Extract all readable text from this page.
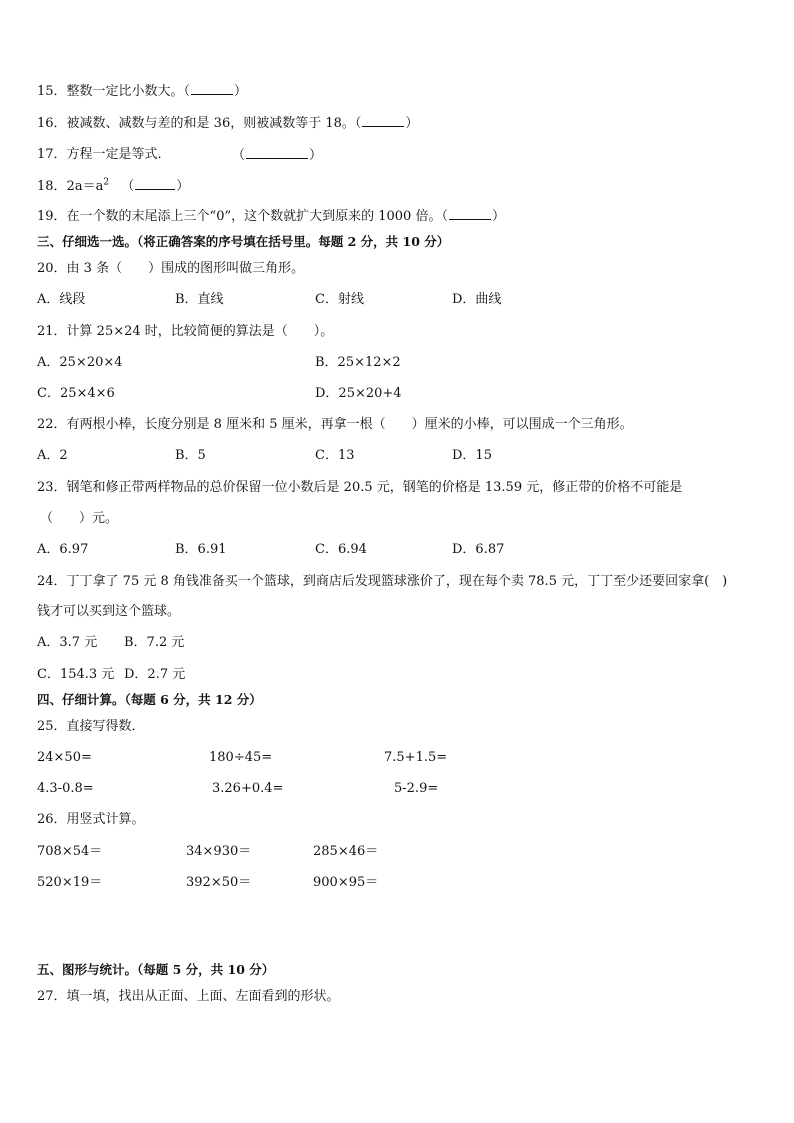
15．整数一定比小数大。（	）
16．被减数、减数与差的和是 36，则被减数等于 18。（	）
17．方程一定是等式．	（	）
18．$2a=a^2$ （	）
19．在一个数的末尾添上三个“0”，这个数就扩大到原来的 1000 倍。（	）
三、仔细选一选。（将正确答案的序号填在括号里。每题 2 分，共 10 分）
20．由 3 条（　　）围成的图形叫做三角形。
A．线段	B．直线	C．射线	D．曲线
21．计算 25×24 时，比较简便的算法是（　　）。
A．25×20×4	B．25×12×2
C．25×4×6	D．25×20+4
22．有两根小棒，长度分别是 8 厘米和 5 厘米，再拿一根（　　）厘米的小棒，可以围成一个三角形。
A．2	B．5	C．13	D．15
23．钢笔和修正带两样物品的总价保留一位小数后是 20.5 元，钢笔的价格是 13.59 元，修正带的价格不可能是
（　　）元。
A．6.97	B．6.91	C．6.94	D．6.87
24．丁丁拿了 75 元 8 角钱准备买一个篮球，到商店后发现篮球涨价了，现在每个卖 78.5 元，丁丁至少还要回家拿(　)
钱才可以买到这个篮球。
A．3.7 元 B．7.2 元
C．154.3 元 D．2.7 元
四、仔细计算。（每题 6 分，共 12 分）
25．直接写得数．
24×50=	180÷45=	7.5+1.5=
4.3-0.8=	3.26+0.4=	5-2.9=
26．用竖式计算。
708×54＝	34×930＝	285×46＝
520×19＝	392×50＝	900×95＝
五、图形与统计。（每题 5 分，共 10 分）
27．填一填，找出从正面、上面、左面看到的形状。
